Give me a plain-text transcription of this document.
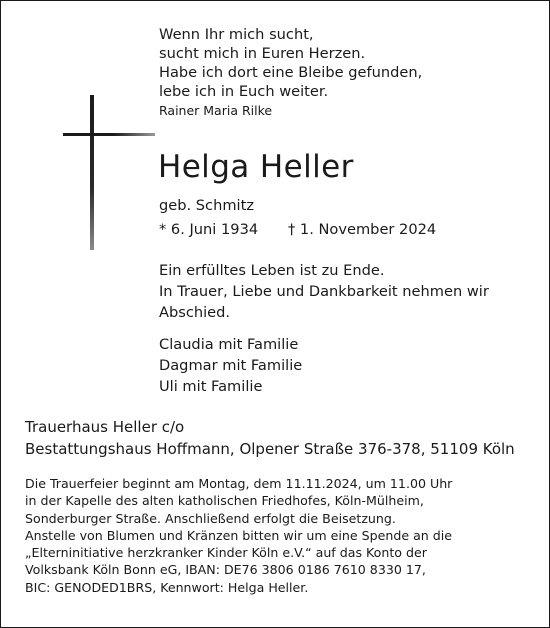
Wenn Ihr mich sucht,
sucht mich in Euren Herzen.
Habe ich dort eine Bleibe gefunden,
lebe ich in Euch weiter.
Rainer Maria Rilke
Helga Heller
geb. Schmitz
* 6. Juni 1934 † 1. November 2024
Ein erfülltes Leben ist zu Ende.
In Trauer, Liebe und Dankbarkeit nehmen wir
Abschied.
Claudia mit Familie
Dagmar mit Familie
Uli mit Familie
Trauerhaus Heller c/o
Bestattungshaus Hoffmann, Olpener Straße 376-378, 51109 Köln
Die Trauerfeier beginnt am Montag, dem 11.11.2024, um 11.00 Uhr
in der Kapelle des alten katholischen Friedhofes, Köln-Mülheim,
Sonderburger Straße. Anschließend erfolgt die Beisetzung.
Anstelle von Blumen und Kränzen bitten wir um eine Spende an die
„Elterninitiative herzkranker Kinder Köln e.V.“ auf das Konto der
Volksbank Köln Bonn eG, IBAN: DE76 3806 0186 7610 8330 17,
BIC: GENODED1BRS, Kennwort: Helga Heller.
